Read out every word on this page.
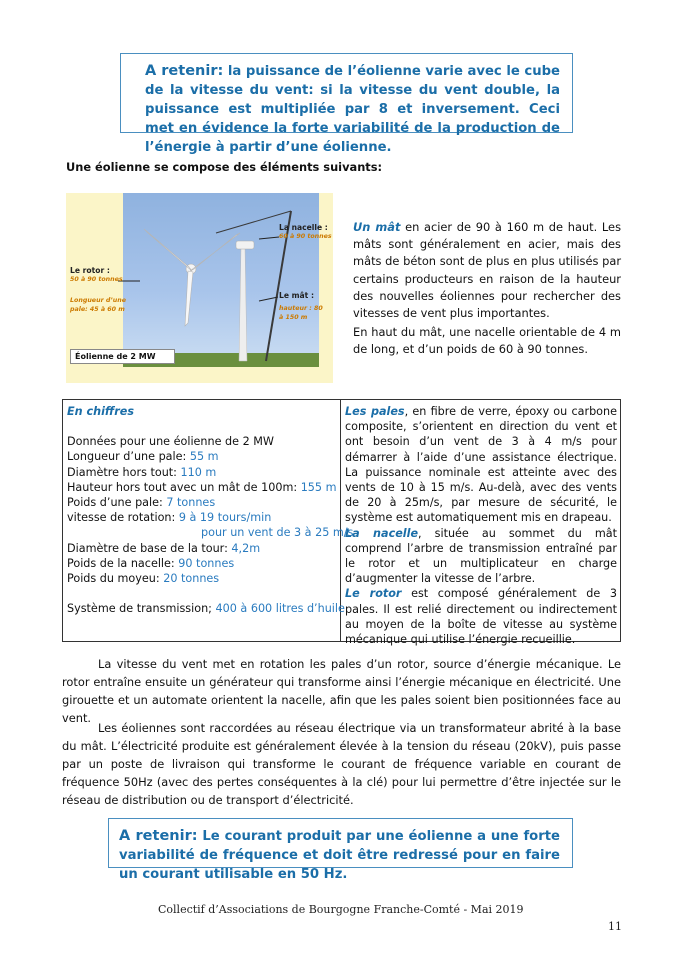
A retenir: la puissance de l’éolienne varie avec le cube de la vitesse du vent: si la vitesse du vent double, la puissance est multipliée par 8 et inversement. Ceci met en évidence la forte variabilité de la production de l’énergie à partir d’une éolienne.
Une éolienne se compose des éléments suivants:
Le rotor :
50 à 90 tonnes
Longueur d’une pale: 45 à 60 m
La nacelle :
60 à 90 tonnes
Le mât :
hauteur : 80 à 150 m
Éolienne de 2 MW
Un mât en acier de 90 à 160 m de haut. Les mâts sont généralement en acier, mais des mâts de béton sont de plus en plus utilisés par certains producteurs en raison de la hauteur des nouvelles éoliennes pour rechercher des vitesses de vent plus importantes.
En haut du mât, une nacelle orientable de 4 m de long, et d’un poids de 60 à 90 tonnes.
En chiffres
Données pour une éolienne de 2 MW
Longueur d’une pale: 55 m
Diamètre hors tout: 110 m
Hauteur hors tout avec un mât de 100m: 155 m
Poids d’une pale: 7 tonnes
vitesse de rotation: 9 à 19 tours/min
pour un vent de 3 à 25 m/s
Diamètre de base de la tour: 4,2m
Poids de la nacelle: 90 tonnes
Poids du moyeu: 20 tonnes
Système de transmission; 400 à 600 litres d’huile
Les pales, en fibre de verre, époxy ou carbone composite, s’orientent en direction du vent et ont besoin d’un vent de 3 à 4 m/s pour démarrer à l’aide d’une assistance électrique. La puissance nominale est atteinte avec des vents de 10 à 15 m/s. Au-delà, avec des vents de 20 à 25m/s, par mesure de sécurité, le système est automatiquement mis en drapeau.
La nacelle, située au sommet du mât comprend l’arbre de transmission entraîné par le rotor et un multiplicateur en charge d’augmenter la vitesse de l’arbre.
Le rotor est composé généralement de 3 pales. Il est relié directement ou indirectement au moyen de la boîte de vitesse au système mécanique qui utilise l’énergie recueillie.
La vitesse du vent met en rotation les pales d’un rotor, source d’énergie mécanique. Le rotor entraîne ensuite un générateur qui transforme ainsi l’énergie mécanique en électricité. Une girouette et un automate orientent la nacelle, afin que les pales soient bien positionnées face au vent.
Les éoliennes sont raccordées au réseau électrique via un transformateur abrité à la base du mât. L’électricité produite est généralement élevée à la tension du réseau (20kV), puis passe par un poste de livraison qui transforme le courant de fréquence variable en courant de fréquence 50Hz (avec des pertes conséquentes à la clé) pour lui permettre d’être injectée sur le réseau de distribution ou de transport d’électricité.
A retenir: Le courant produit par une éolienne a une forte variabilité de fréquence et doit être redressé pour en faire un courant utilisable en 50 Hz.
Collectif d’Associations de Bourgogne Franche-Comté - Mai 2019
11
